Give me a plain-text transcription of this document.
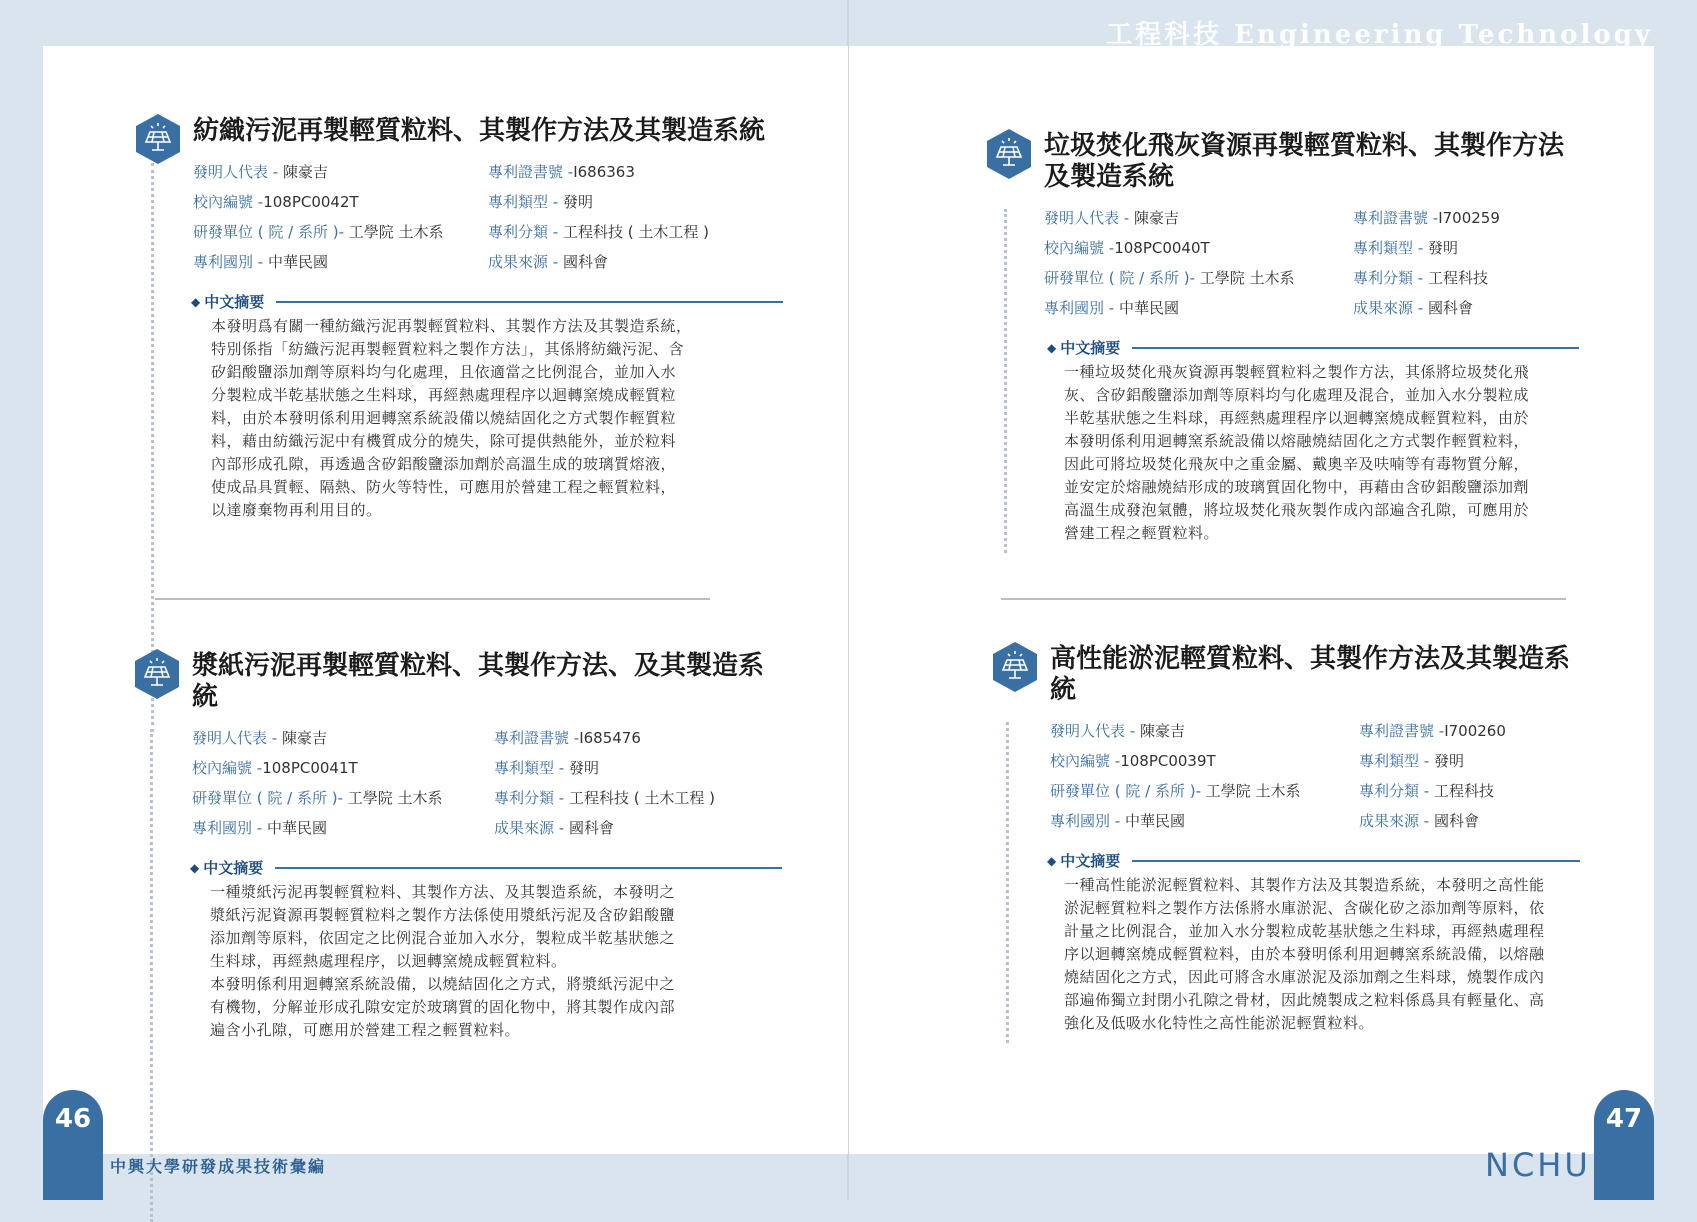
工程科技 Engineering Technology
紡織污泥再製輕質粒料、其製作方法及其製造系統
發明人代表 - 陳豪吉	專利證書號 -I686363
校內編號 -108PC0042T	專利類型 - 發明
研發單位 ( 院 / 系所 )- 工學院 土木系	專利分類 - 工程科技 ( 土木工程 )
專利國別 - 中華民國	成果來源 - 國科會
◆ 中文摘要
本發明爲有關一種紡織污泥再製輕質粒料、其製作方法及其製造系統，
特別係指「紡織污泥再製輕質粒料之製作方法」，其係將紡織污泥、含
矽鋁酸鹽添加劑等原料均勻化處理，且依適當之比例混合，並加入水
分製粒成半乾基狀態之生料球，再經熱處理程序以迴轉窯燒成輕質粒
料，由於本發明係利用迴轉窯系統設備以燒結固化之方式製作輕質粒
料，藉由紡織污泥中有機質成分的燒失，除可提供熱能外，並於粒料
內部形成孔隙，再透過含矽鋁酸鹽添加劑於高溫生成的玻璃質熔液，
使成品具質輕、隔熱、防火等特性，可應用於營建工程之輕質粒料，
以達廢棄物再利用目的。
漿紙污泥再製輕質粒料、其製作方法、及其製造系統
發明人代表 - 陳豪吉	專利證書號 -I685476
校內編號 -108PC0041T	專利類型 - 發明
研發單位 ( 院 / 系所 )- 工學院 土木系	專利分類 - 工程科技 ( 土木工程 )
專利國別 - 中華民國	成果來源 - 國科會
◆ 中文摘要
一種漿紙污泥再製輕質粒料、其製作方法、及其製造系統，本發明之
漿紙污泥資源再製輕質粒料之製作方法係使用漿紙污泥及含矽鋁酸鹽
添加劑等原料，依固定之比例混合並加入水分，製粒成半乾基狀態之
生料球，再經熱處理程序，以迴轉窯燒成輕質粒料。
本發明係利用迴轉窯系統設備，以燒結固化之方式，將漿紙污泥中之
有機物，分解並形成孔隙安定於玻璃質的固化物中，將其製作成內部
遍含小孔隙，可應用於營建工程之輕質粒料。
垃圾焚化飛灰資源再製輕質粒料、其製作方法及製造系統
發明人代表 - 陳豪吉	專利證書號 -I700259
校內編號 -108PC0040T	專利類型 - 發明
研發單位 ( 院 / 系所 )- 工學院 土木系	專利分類 - 工程科技
專利國別 - 中華民國	成果來源 - 國科會
◆ 中文摘要
一種垃圾焚化飛灰資源再製輕質粒料之製作方法，其係將垃圾焚化飛
灰、含矽鋁酸鹽添加劑等原料均勻化處理及混合，並加入水分製粒成
半乾基狀態之生料球，再經熱處理程序以迴轉窯燒成輕質粒料，由於
本發明係利用迴轉窯系統設備以熔融燒結固化之方式製作輕質粒料，
因此可將垃圾焚化飛灰中之重金屬、戴奧辛及呋喃等有毒物質分解，
並安定於熔融燒結形成的玻璃質固化物中，再藉由含矽鋁酸鹽添加劑
高溫生成發泡氣體，將垃圾焚化飛灰製作成內部遍含孔隙，可應用於
營建工程之輕質粒料。
高性能淤泥輕質粒料、其製作方法及其製造系統
發明人代表 - 陳豪吉	專利證書號 -I700260
校內編號 -108PC0039T	專利類型 - 發明
研發單位 ( 院 / 系所 )- 工學院 土木系	專利分類 - 工程科技
專利國別 - 中華民國	成果來源 - 國科會
◆ 中文摘要
一種高性能淤泥輕質粒料、其製作方法及其製造系統，本發明之高性能
淤泥輕質粒料之製作方法係將水庫淤泥、含碳化矽之添加劑等原料，依
計量之比例混合，並加入水分製粒成乾基狀態之生料球，再經熱處理程
序以迴轉窯燒成輕質粒料，由於本發明係利用迴轉窯系統設備，以熔融
燒結固化之方式，因此可將含水庫淤泥及添加劑之生料球，燒製作成內
部遍佈獨立封閉小孔隙之骨材，因此燒製成之粒料係爲具有輕量化、高
強化及低吸水化特性之高性能淤泥輕質粒料。
46	47
中興大學研發成果技術彙編	NCHU
